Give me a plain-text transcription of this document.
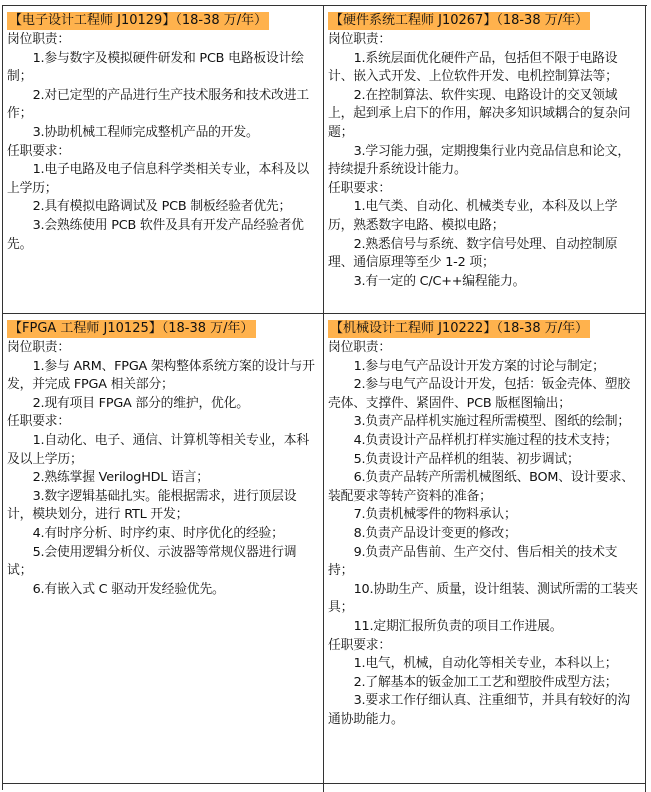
【电子设计工程师 J10129】（18-38 万/年）
岗位职责：
1.参与数字及模拟硬件研发和 PCB 电路板设计绘制；
2.对已定型的产品进行生产技术服务和技术改进工作；
3.协助机械工程师完成整机产品的开发。
任职要求：
1.电子电路及电子信息科学类相关专业，本科及以上学历；
2.具有模拟电路调试及 PCB 制板经验者优先；
3.会熟练使用 PCB 软件及具有开发产品经验者优先。
【硬件系统工程师 J10267】（18-38 万/年）
岗位职责：
1.系统层面优化硬件产品，包括但不限于电路设计、嵌入式开发、上位软件开发、电机控制算法等；
2.在控制算法、软件实现、电路设计的交叉领域上，起到承上启下的作用，解决多知识域耦合的复杂问题；
3.学习能力强，定期搜集行业内竞品信息和论文，持续提升系统设计能力。
任职要求：
1.电气类、自动化、机械类专业，本科及以上学历，熟悉数字电路、模拟电路；
2.熟悉信号与系统、数字信号处理、自动控制原理、通信原理等至少 1-2 项；
3.有一定的 C/C++编程能力。
【FPGA 工程师 J10125】（18-38 万/年）
岗位职责：
1.参与 ARM、FPGA 架构整体系统方案的设计与开发，并完成 FPGA 相关部分；
2.现有项目 FPGA 部分的维护，优化。
任职要求：
1.自动化、电子、通信、计算机等相关专业，本科及以上学历；
2.熟练掌握 VerilogHDL 语言；
3.数字逻辑基础扎实。能根据需求，进行顶层设计，模块划分，进行 RTL 开发；
4.有时序分析、时序约束、时序优化的经验；
5.会使用逻辑分析仪、示波器等常规仪器进行调试；
6.有嵌入式 C 驱动开发经验优先。
【机械设计工程师 J10222】（18-38 万/年）
岗位职责：
1.参与电气产品设计开发方案的讨论与制定；
2.参与电气产品设计开发，包括：钣金壳体、塑胶壳体、支撑件、紧固件、PCB 版框图输出；
3.负责产品样机实施过程所需模型、图纸的绘制；
4.负责设计产品样机打样实施过程的技术支持；
5.负责设计产品样机的组装、初步调试；
6.负责产品转产所需机械图纸、BOM、设计要求、装配要求等转产资料的准备；
7.负责机械零件的物料承认；
8.负责产品设计变更的修改；
9.负责产品售前、生产交付、售后相关的技术支持；
10.协助生产、质量，设计组装、测试所需的工装夹具；
11.定期汇报所负责的项目工作进展。
任职要求：
1.电气，机械，自动化等相关专业，本科以上；
2.了解基本的钣金加工工艺和塑胶件成型方法；
3.要求工作仔细认真、注重细节，并具有较好的沟通协助能力。
